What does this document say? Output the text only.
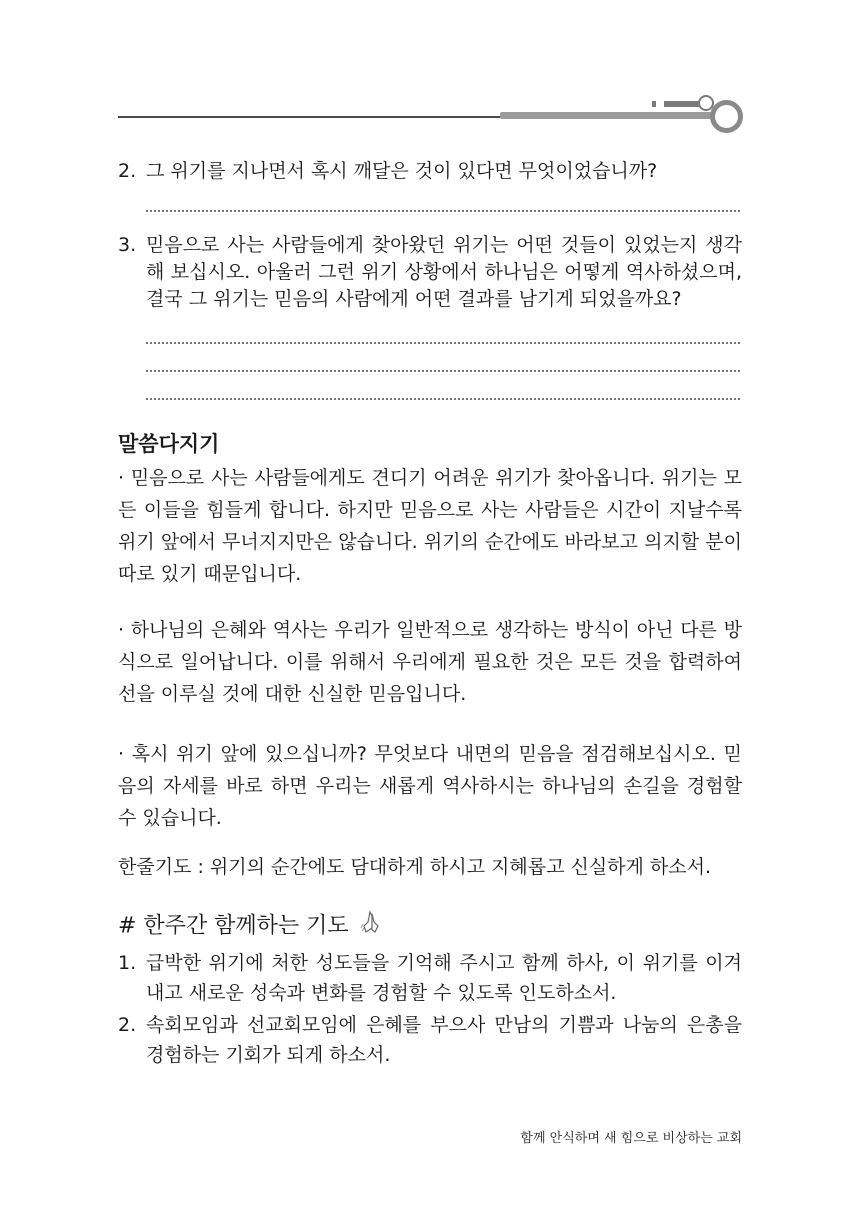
2. 그 위기를 지나면서 혹시 깨달은 것이 있다면 무엇이었습니까?
3. 믿음으로 사는 사람들에게 찾아왔던 위기는 어떤 것들이 있었는지 생각해 보십시오. 아울러 그런 위기 상황에서 하나님은 어떻게 역사하셨으며, 결국 그 위기는 믿음의 사람에게 어떤 결과를 남기게 되었을까요?
말씀다지기
· 믿음으로 사는 사람들에게도 견디기 어려운 위기가 찾아옵니다. 위기는 모든 이들을 힘들게 합니다. 하지만 믿음으로 사는 사람들은 시간이 지날수록 위기 앞에서 무너지지만은 않습니다. 위기의 순간에도 바라보고 의지할 분이 따로 있기 때문입니다.
· 하나님의 은혜와 역사는 우리가 일반적으로 생각하는 방식이 아닌 다른 방식으로 일어납니다. 이를 위해서 우리에게 필요한 것은 모든 것을 합력하여 선을 이루실 것에 대한 신실한 믿음입니다.
· 혹시 위기 앞에 있으십니까? 무엇보다 내면의 믿음을 점검해보십시오. 믿음의 자세를 바로 하면 우리는 새롭게 역사하시는 하나님의 손길을 경험할 수 있습니다.
한줄기도 : 위기의 순간에도 담대하게 하시고 지혜롭고 신실하게 하소서.
# 한주간 함께하는 기도
1. 급박한 위기에 처한 성도들을 기억해 주시고 함께 하사, 이 위기를 이겨내고 새로운 성숙과 변화를 경험할 수 있도록 인도하소서.
2. 속회모임과 선교회모임에 은혜를 부으사 만남의 기쁨과 나눔의 은총을 경험하는 기회가 되게 하소서.
함께 안식하며 새 힘으로 비상하는 교회
